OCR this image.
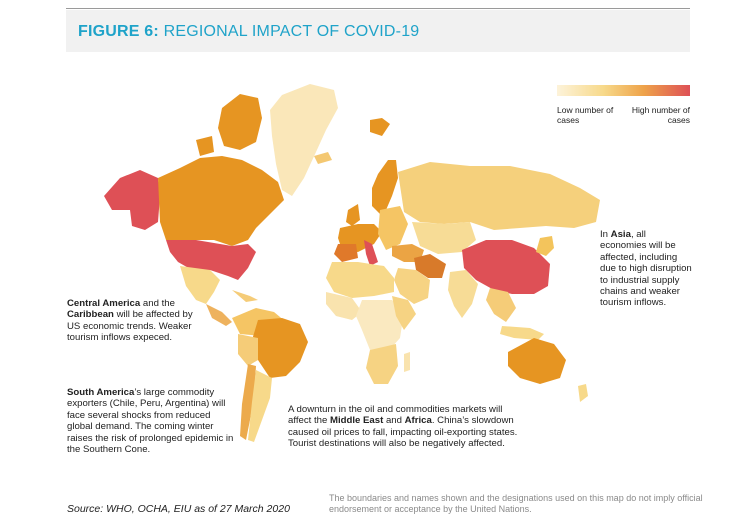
FIGURE 6: REGIONAL IMPACT OF COVID-19
Low number of cases
High number of cases
Central America and the Caribbean will be affected by US economic trends. Weaker tourism inflows expeced.
South America’s large commodity exporters (Chile, Peru, Argentina) will face several shocks from reduced global demand. The coming winter raises the risk of prolonged epidemic in the Southern Cone.
A downturn in the oil and commodities markets will affect the Middle East and Africa. China’s slowdown caused oil prices to fall, impacting oil-exporting states. Tourist destinations will also be negatively affected.
In Asia, all economies will be affected, including due to high disruption to industrial supply chains and weaker tourism inflows.
Source: WHO, OCHA, EIU as of 27 March 2020
The boundaries and names shown and the designations used on this map do not imply official endorsement or acceptance by the United Nations.
